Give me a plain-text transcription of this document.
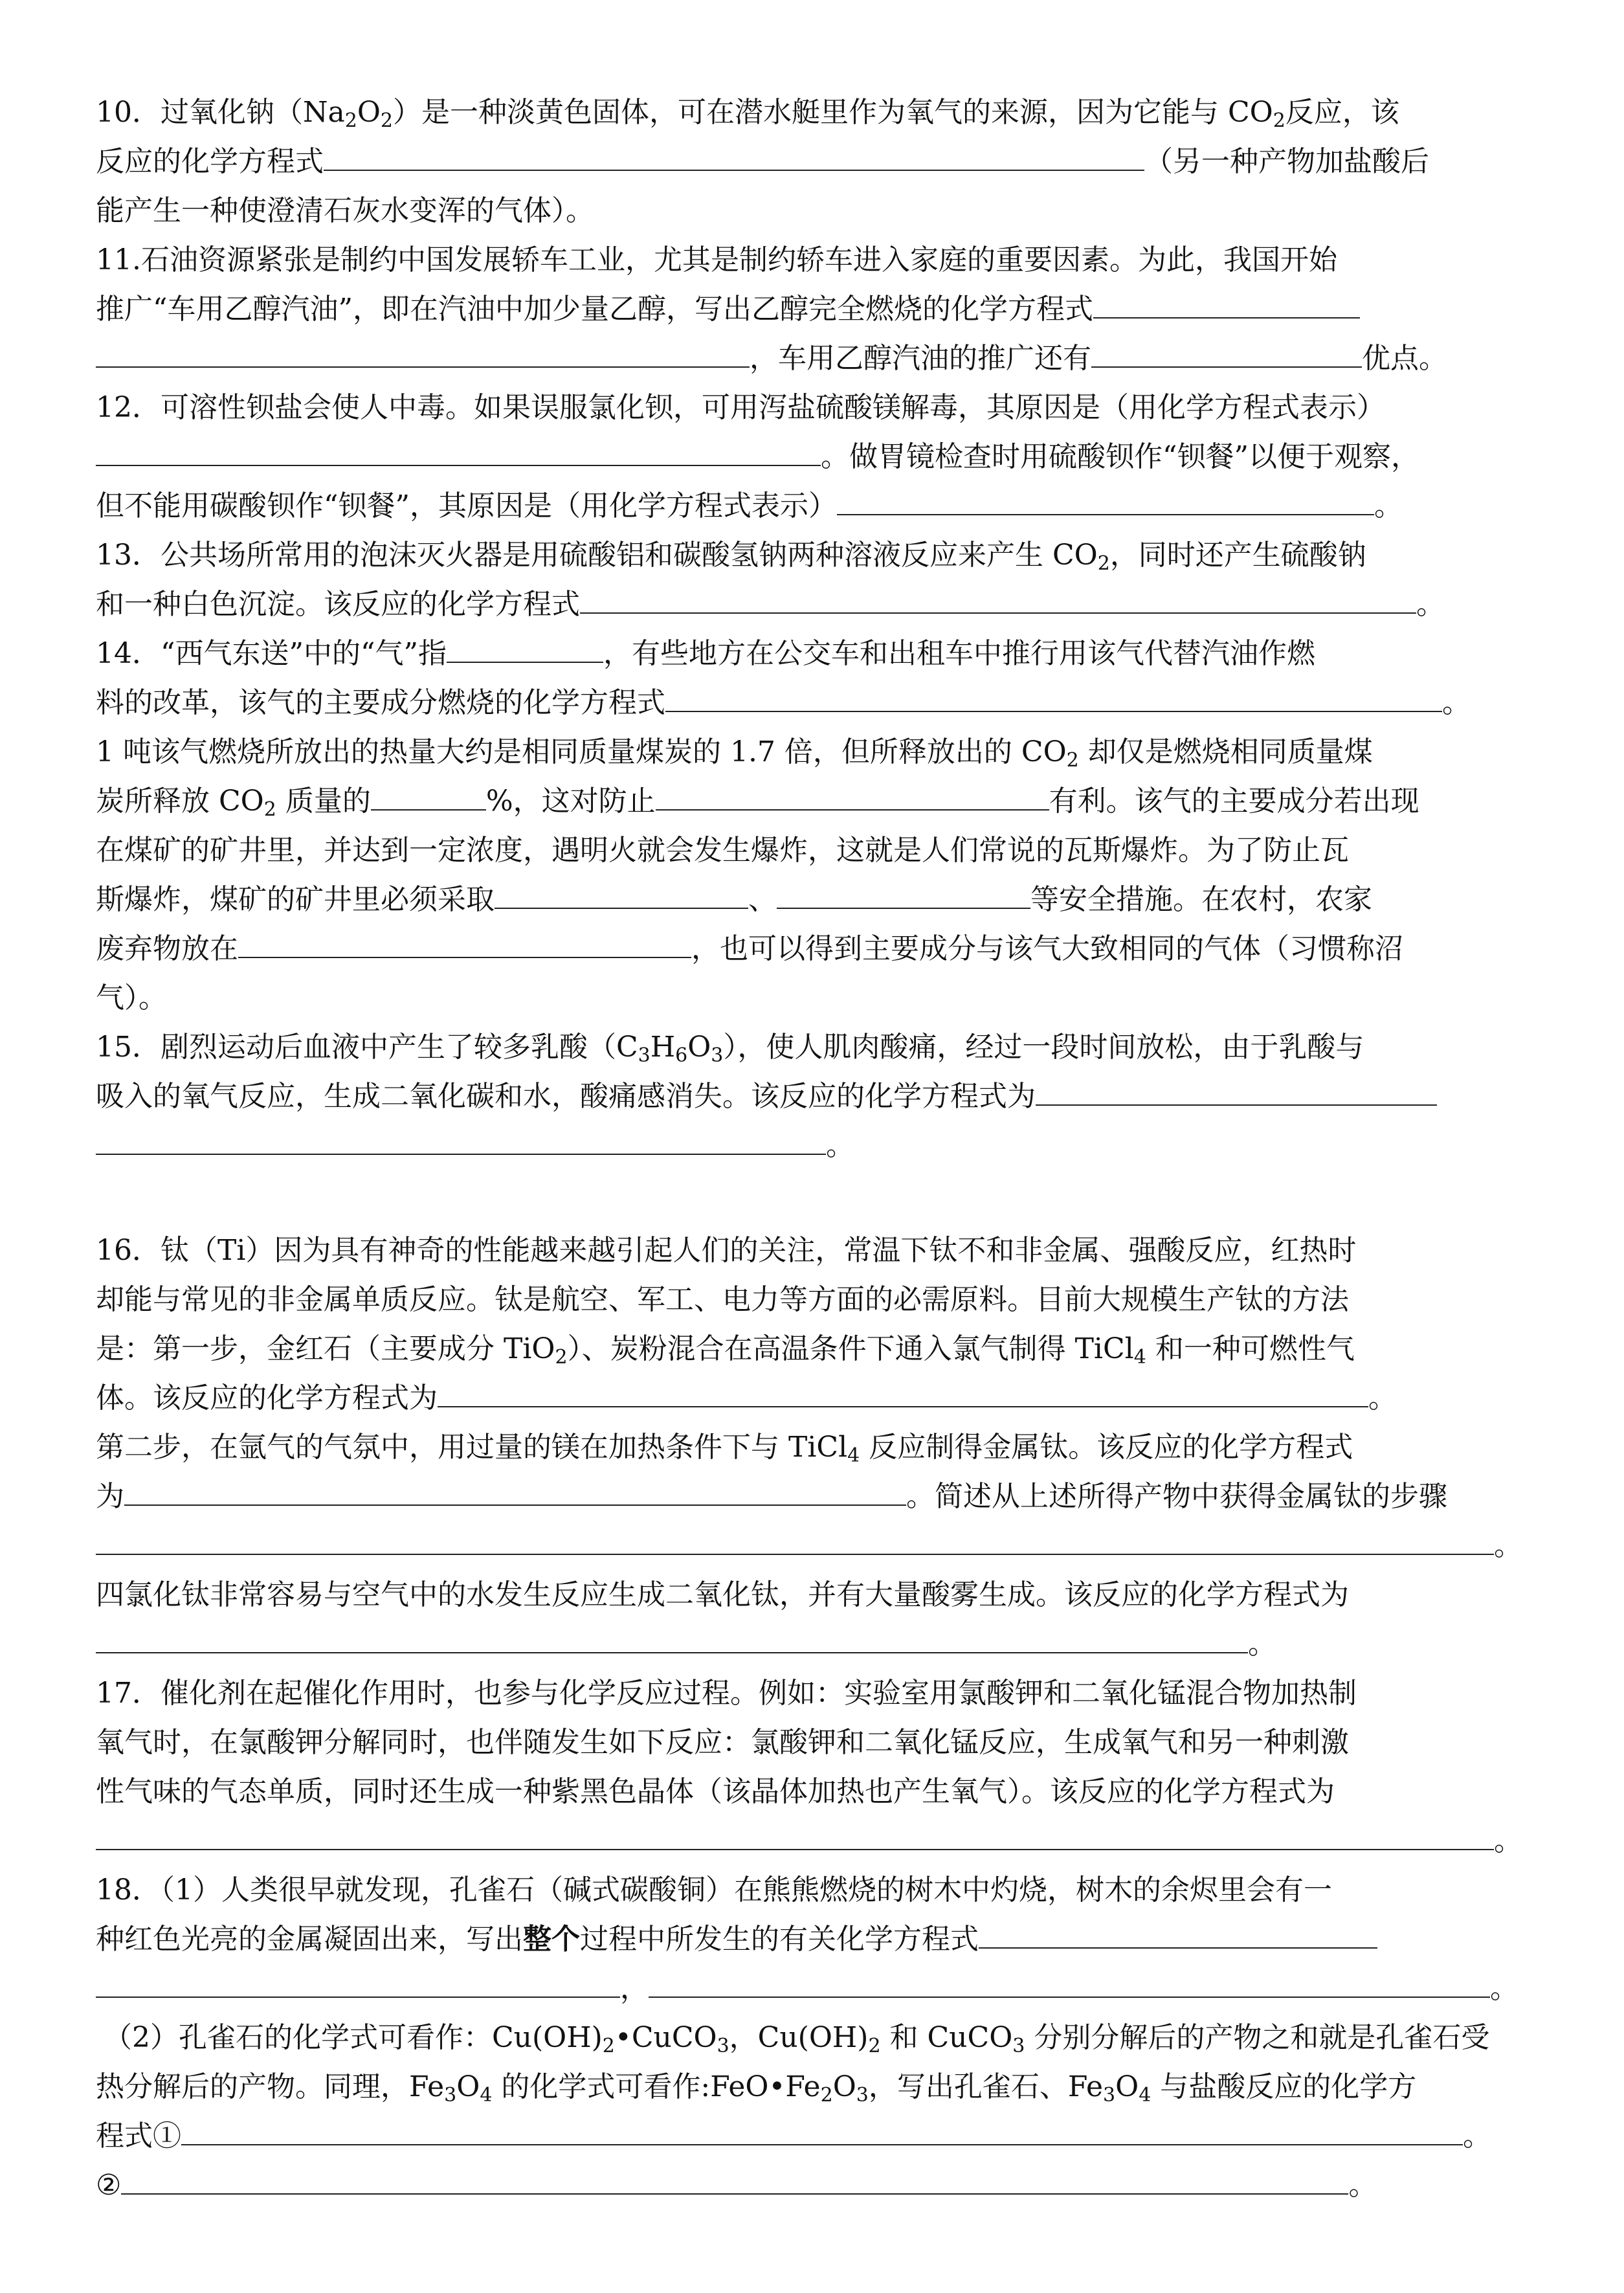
10．过氧化钠$(Na_2O_2)$是一种淡黄色固体，可在潜水艇里作为氧气的来源，因为它能与 $CO_2$反应，该
反应的化学方程式	（另一种产物加盐酸后
能产生一种使澄清石灰水变浑的气体）。
11.石油资源紧张是制约中国发展轿车工业，尤其是制约轿车进入家庭的重要因素。为此，我国开始
推广“车用乙醇汽油”，即在汽油中加少量乙醇，写出乙醇完全燃烧的化学方程式
，车用乙醇汽油的推广还有	优点。
12．可溶性钡盐会使人中毒。如果误服氯化钡，可用泻盐硫酸镁解毒，其原因是（用化学方程式表示）
。做胃镜检查时用硫酸钡作“钡餐”以便于观察，
但不能用碳酸钡作“钡餐”，其原因是（用化学方程式表示）	。
13．公共场所常用的泡沫灭火器是用硫酸铝和碳酸氢钠两种溶液反应来产生 $CO_2$，同时还产生硫酸钠
和一种白色沉淀。该反应的化学方程式	。
14．“西气东送”中的“气”指	，有些地方在公交车和出租车中推行用该气代替汽油作燃
料的改革，该气的主要成分燃烧的化学方程式	。
1 吨该气燃烧所放出的热量大约是相同质量煤炭的 1.7 倍，但所释放出的 $CO_2$ 却仅是燃烧相同质量煤
炭所释放 $CO_2$ 质量的	%，这对防止	有利。该气的主要成分若出现
在煤矿的矿井里，并达到一定浓度，遇明火就会发生爆炸，这就是人们常说的瓦斯爆炸。为了防止瓦
斯爆炸，煤矿的矿井里必须采取	、	等安全措施。在农村，农家
废弃物放在	，也可以得到主要成分与该气大致相同的气体（习惯称沼
气）。
15．剧烈运动后血液中产生了较多乳酸$(C_3H_6O_3)$，使人肌肉酸痛，经过一段时间放松，由于乳酸与
吸入的氧气反应，生成二氧化碳和水，酸痛感消失。该反应的化学方程式为
。
16．钛（Ti）因为具有神奇的性能越来越引起人们的关注，常温下钛不和非金属、强酸反应，红热时
却能与常见的非金属单质反应。钛是航空、军工、电力等方面的必需原料。目前大规模生产钛的方法
是：第一步，金红石（主要成分 TiO$_2$）、炭粉混合在高温条件下通入氯气制得 TiCl$_4$ 和一种可燃性气
体。该反应的化学方程式为	。
第二步，在氩气的气氛中，用过量的镁在加热条件下与 TiCl$_4$ 反应制得金属钛。该反应的化学方程式
为	。简述从上述所得产物中获得金属钛的步骤
。
四氯化钛非常容易与空气中的水发生反应生成二氧化钛，并有大量酸雾生成。该反应的化学方程式为
。
17．催化剂在起催化作用时，也参与化学反应过程。例如：实验室用氯酸钾和二氧化锰混合物加热制
氧气时，在氯酸钾分解同时，也伴随发生如下反应：氯酸钾和二氧化锰反应，生成氧气和另一种刺激
性气味的气态单质，同时还生成一种紫黑色晶体（该晶体加热也产生氧气）。该反应的化学方程式为
。
18．（1）人类很早就发现，孔雀石（碱式碳酸铜）在熊熊燃烧的树木中灼烧，树木的余烬里会有一
种红色光亮的金属凝固出来，写出整个过程中所发生的有关化学方程式
，	。
（2）孔雀石的化学式可看作：$Cu(OH)_2•CuCO_3$，$Cu(OH)_2$ 和 CuCO$_3$ 分别分解后的产物之和就是孔雀石受
热分解后的产物。同理，$Fe_3O_4$ 的化学式可看作$:FeO•Fe_2O_3$，写出孔雀石、$Fe_3O_4$ 与盐酸反应的化学方
程式①	。
②	。
